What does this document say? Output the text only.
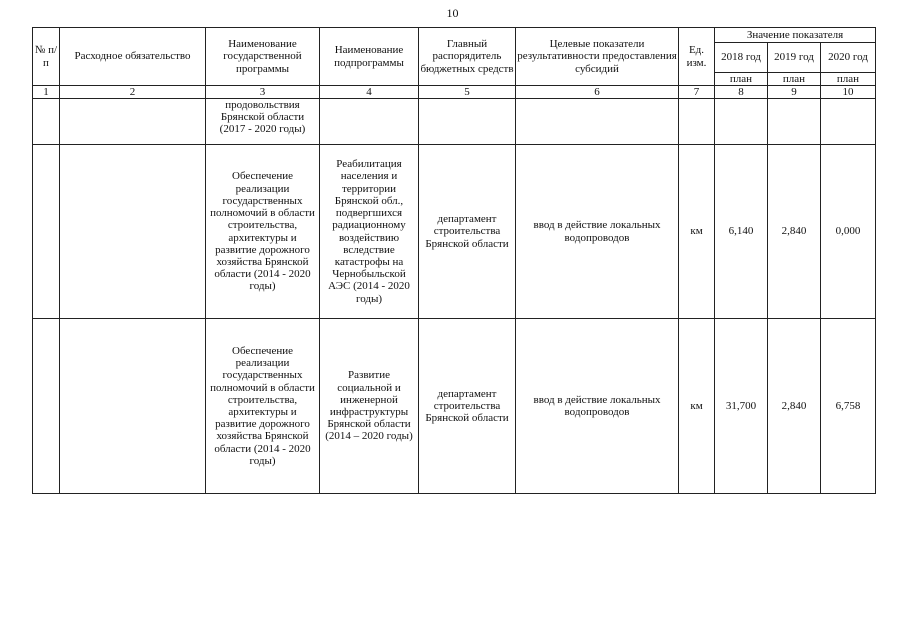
10
№ п/п	Расходное обязательство	Наименование государственной программы	Наименование подпрограммы	Главный распорядитель бюджетных средств	Целевые показатели результативности предоставления субсидий	Ед. изм.	Значение показателя		
							2018 год	2019 год	2020 год
							план	план	план
1	2	3	4	5	6	7	8	9	10
		продовольствия Брянской области (2017 - 2020 годы)							
		Обеспечение реализации государственных полномочий в области строительства, архитектуры и развитие дорожного хозяйства Брянской области (2014 - 2020 годы)	Реабилитация населения и территории Брянской обл., подвергшихся радиационному воздействию вследствие катастрофы на Чернобыльской АЭС (2014 - 2020 годы)	департамент строительства Брянской области	ввод в действие локальных водопроводов	км	6,140	2,840	0,000
		Обеспечение реализации государственных полномочий в области строительства, архитектуры и развитие дорожного хозяйства Брянской области (2014 - 2020 годы)	Развитие социальной и инженерной инфраструктуры Брянской области (2014 – 2020 годы)	департамент строительства Брянской области	ввод в действие локальных водопроводов	км	31,700	2,840	6,758
